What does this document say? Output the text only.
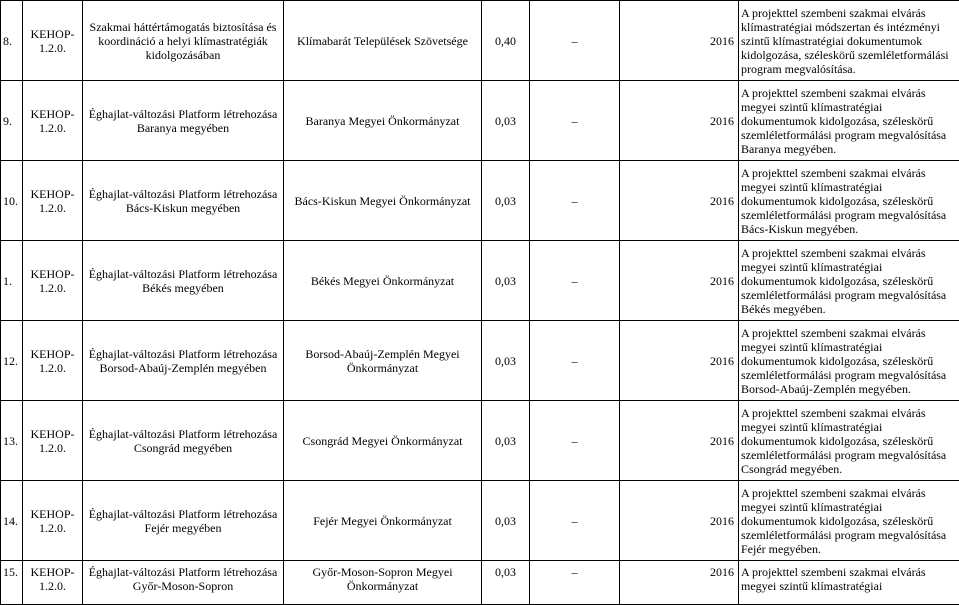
8.	KEHOP-1.2.0.	Szakmai háttértámogatás biztosítása és koordináció a helyi klímastratégiák kidolgozásában	Klímabarát Települések Szövetsége	0,40	–	2016	A projekttel szembeni szakmai elvárás klímastratégiai módszertan és intézményi szintű klímastratégiai dokumentumok kidolgozása, széleskörű szemléletformálási program megvalósítása.
9.	KEHOP-1.2.0.	Éghajlat-változási Platform létrehozása Baranya megyében	Baranya Megyei Önkormányzat	0,03	–	2016	A projekttel szembeni szakmai elvárás megyei szintű klímastratégiai dokumentumok kidolgozása, széleskörű szemléletformálási program megvalósítása Baranya megyében.
10.	KEHOP-1.2.0.	Éghajlat-változási Platform létrehozása Bács-Kiskun megyében	Bács-Kiskun Megyei Önkormányzat	0,03	–	2016	A projekttel szembeni szakmai elvárás megyei szintű klímastratégiai dokumentumok kidolgozása, széleskörű szemléletformálási program megvalósítása Bács-Kiskun megyében.
1.	KEHOP-1.2.0.	Éghajlat-változási Platform létrehozása Békés megyében	Békés Megyei Önkormányzat	0,03	–	2016	A projekttel szembeni szakmai elvárás megyei szintű klímastratégiai dokumentumok kidolgozása, széleskörű szemléletformálási program megvalósítása Békés megyében.
12.	KEHOP-1.2.0.	Éghajlat-változási Platform létrehozása Borsod-Abaúj-Zemplén megyében	Borsod-Abaúj-Zemplén Megyei Önkormányzat	0,03	–	2016	A projekttel szembeni szakmai elvárás megyei szintű klímastratégiai dokumentumok kidolgozása, széleskörű szemléletformálási program megvalósítása Borsod-Abaúj-Zemplén megyében.
13.	KEHOP-1.2.0.	Éghajlat-változási Platform létrehozása Csongrád megyében	Csongrád Megyei Önkormányzat	0,03	–	2016	A projekttel szembeni szakmai elvárás megyei szintű klímastratégiai dokumentumok kidolgozása, széleskörű szemléletformálási program megvalósítása Csongrád megyében.
14.	KEHOP-1.2.0.	Éghajlat-változási Platform létrehozása Fejér megyében	Fejér Megyei Önkormányzat	0,03	–	2016	A projekttel szembeni szakmai elvárás megyei szintű klímastratégiai dokumentumok kidolgozása, széleskörű szemléletformálási program megvalósítása Fejér megyében.
15.	KEHOP-1.2.0.	Éghajlat-változási Platform létrehozása Győr-Moson-Sopron	Győr-Moson-Sopron Megyei Önkormányzat	0,03	–	2016	A projekttel szembeni szakmai elvárás megyei szintű klímastratégiai
